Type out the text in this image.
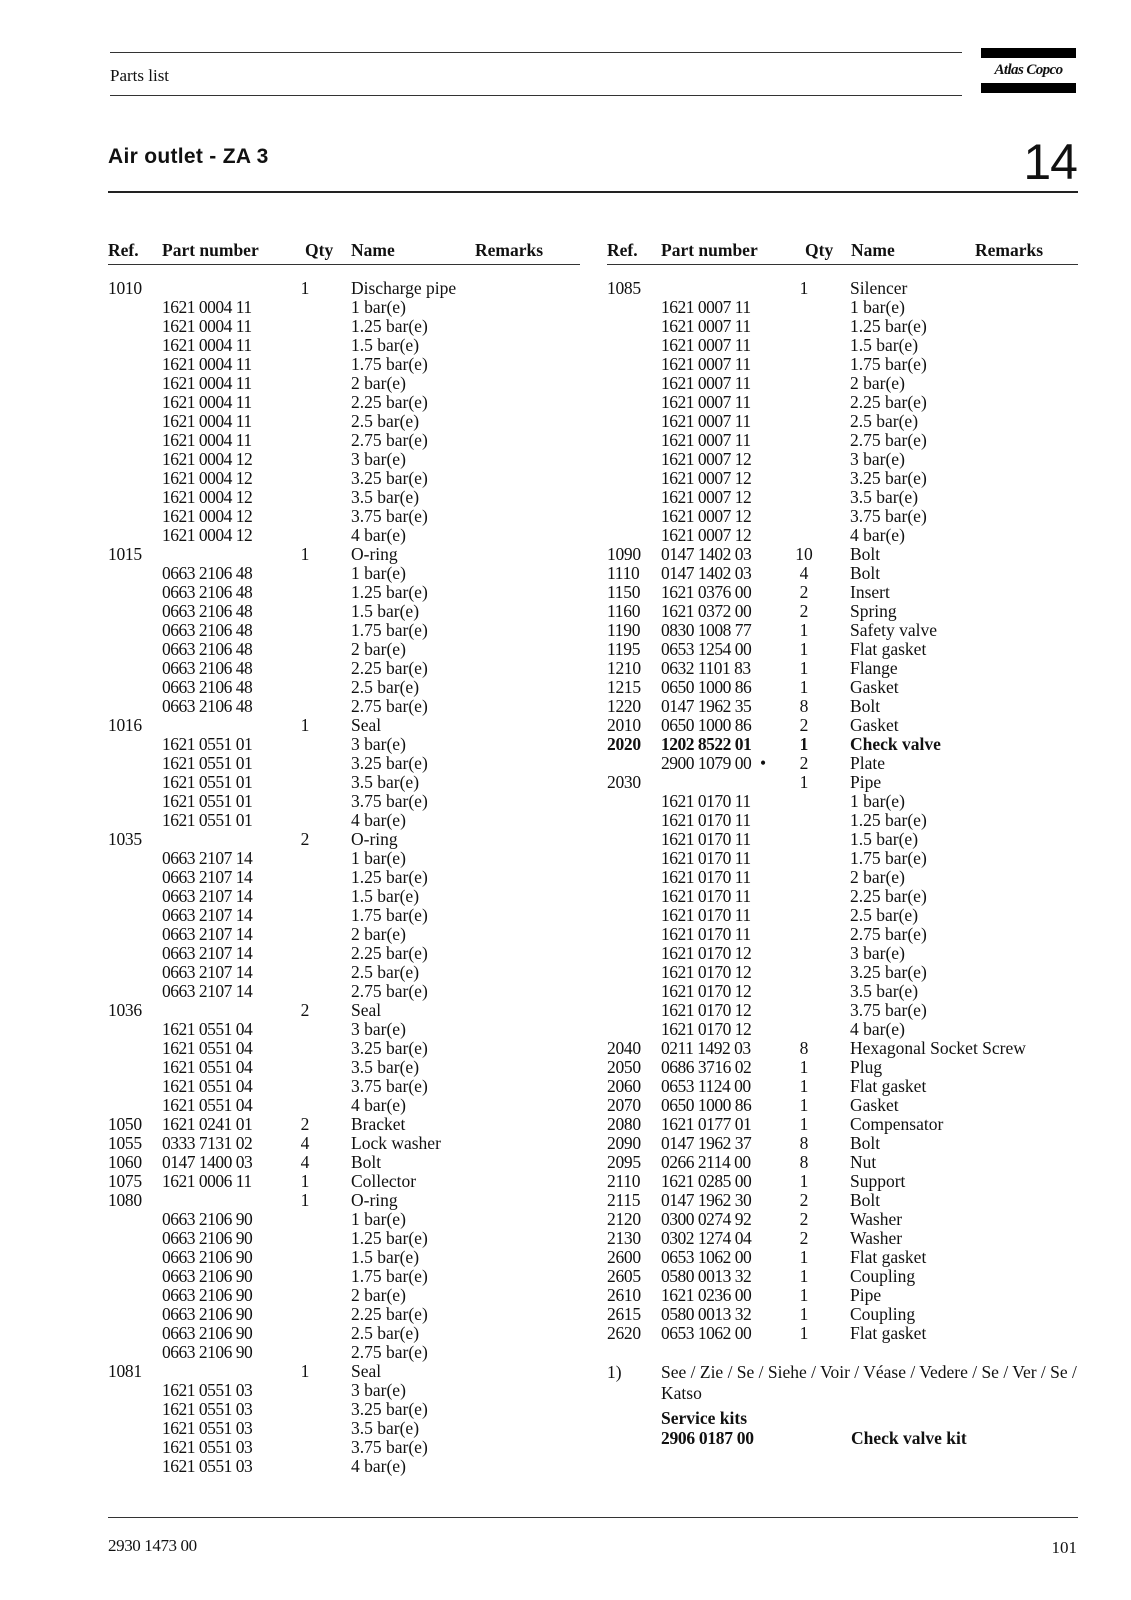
Parts list	Atlas Copco
Air outlet - ZA 3	14
Ref. Part number	Qty Name	Remarks	Ref. Part number	Qty Name	Remarks
1010	1	Discharge pipe
1621 0004 11	1 bar(e)
1621 0004 11	1.25 bar(e)
1621 0004 11	1.5 bar(e)
1621 0004 11	1.75 bar(e)
1621 0004 11	2 bar(e)
1621 0004 11	2.25 bar(e)
1621 0004 11	2.5 bar(e)
1621 0004 11	2.75 bar(e)
1621 0004 12	3 bar(e)
1621 0004 12	3.25 bar(e)
1621 0004 12	3.5 bar(e)
1621 0004 12	3.75 bar(e)
1621 0004 12	4 bar(e)
1015	1	O-ring
0663 2106 48	1 bar(e)
0663 2106 48	1.25 bar(e)
0663 2106 48	1.5 bar(e)
0663 2106 48	1.75 bar(e)
0663 2106 48	2 bar(e)
0663 2106 48	2.25 bar(e)
0663 2106 48	2.5 bar(e)
0663 2106 48	2.75 bar(e)
1016	1	Seal
1621 0551 01	3 bar(e)
1621 0551 01	3.25 bar(e)
1621 0551 01	3.5 bar(e)
1621 0551 01	3.75 bar(e)
1621 0551 01	4 bar(e)
1035	2	O-ring
0663 2107 14	1 bar(e)
0663 2107 14	1.25 bar(e)
0663 2107 14	1.5 bar(e)
0663 2107 14	1.75 bar(e)
0663 2107 14	2 bar(e)
0663 2107 14	2.25 bar(e)
0663 2107 14	2.5 bar(e)
0663 2107 14	2.75 bar(e)
1036	2	Seal
1621 0551 04	3 bar(e)
1621 0551 04	3.25 bar(e)
1621 0551 04	3.5 bar(e)
1621 0551 04	3.75 bar(e)
1621 0551 04	4 bar(e)
1050 1621 0241 01	2	Bracket
1055 0333 7131 02	4	Lock washer
1060 0147 1400 03	4	Bolt
1075 1621 0006 11	1	Collector
1080	1	O-ring
0663 2106 90	1 bar(e)
0663 2106 90	1.25 bar(e)
0663 2106 90	1.5 bar(e)
0663 2106 90	1.75 bar(e)
0663 2106 90	2 bar(e)
0663 2106 90	2.25 bar(e)
0663 2106 90	2.5 bar(e)
0663 2106 90	2.75 bar(e)
1081	1	Seal
1621 0551 03	3 bar(e)
1621 0551 03	3.25 bar(e)
1621 0551 03	3.5 bar(e)
1621 0551 03	3.75 bar(e)
1621 0551 03	4 bar(e)
1085	1	Silencer
1621 0007 11	1 bar(e)
1621 0007 11	1.25 bar(e)
1621 0007 11	1.5 bar(e)
1621 0007 11	1.75 bar(e)
1621 0007 11	2 bar(e)
1621 0007 11	2.25 bar(e)
1621 0007 11	2.5 bar(e)
1621 0007 11	2.75 bar(e)
1621 0007 12	3 bar(e)
1621 0007 12	3.25 bar(e)
1621 0007 12	3.5 bar(e)
1621 0007 12	3.75 bar(e)
1621 0007 12	4 bar(e)
1090 0147 1402 03	10 Bolt
1110 0147 1402 03	4	Bolt
1150 1621 0376 00	2	Insert
1160 1621 0372 00	2	Spring
1190 0830 1008 77	1	Safety valve
1195 0653 1254 00	1	Flat gasket
1210 0632 1101 83	1	Flange
1215 0650 1000 86	1	Gasket
1220 0147 1962 35	8	Bolt
2010 0650 1000 86	2	Gasket
2020 1202 8522 01	1	Check valve
2900 1079 00 •	2	Plate
2030	1	Pipe
1621 0170 11	1 bar(e)
1621 0170 11	1.25 bar(e)
1621 0170 11	1.5 bar(e)
1621 0170 11	1.75 bar(e)
1621 0170 11	2 bar(e)
1621 0170 11	2.25 bar(e)
1621 0170 11	2.5 bar(e)
1621 0170 11	2.75 bar(e)
1621 0170 12	3 bar(e)
1621 0170 12	3.25 bar(e)
1621 0170 12	3.5 bar(e)
1621 0170 12	3.75 bar(e)
1621 0170 12	4 bar(e)
2040 0211 1492 03	8	Hexagonal Socket Screw
2050 0686 3716 02	1	Plug
2060 0653 1124 00	1	Flat gasket
2070 0650 1000 86	1	Gasket
2080 1621 0177 01	1	Compensator
2090 0147 1962 37	8	Bolt
2095 0266 2114 00	8	Nut
2110 1621 0285 00	1	Support
2115 0147 1962 30	2	Bolt
2120 0300 0274 92	2	Washer
2130 0302 1274 04	2	Washer
2600 0653 1062 00	1	Flat gasket
2605 0580 0013 32	1	Coupling
2610 1621 0236 00	1	Pipe
2615 0580 0013 32	1	Coupling
2620 0653 1062 00	1	Flat gasket
1) See / Zie / Se / Siehe / Voir / Véase / Vedere / Se / Ver / Se / Katso
Service kits
2906 0187 00	Check valve kit
2930 1473 00	101
